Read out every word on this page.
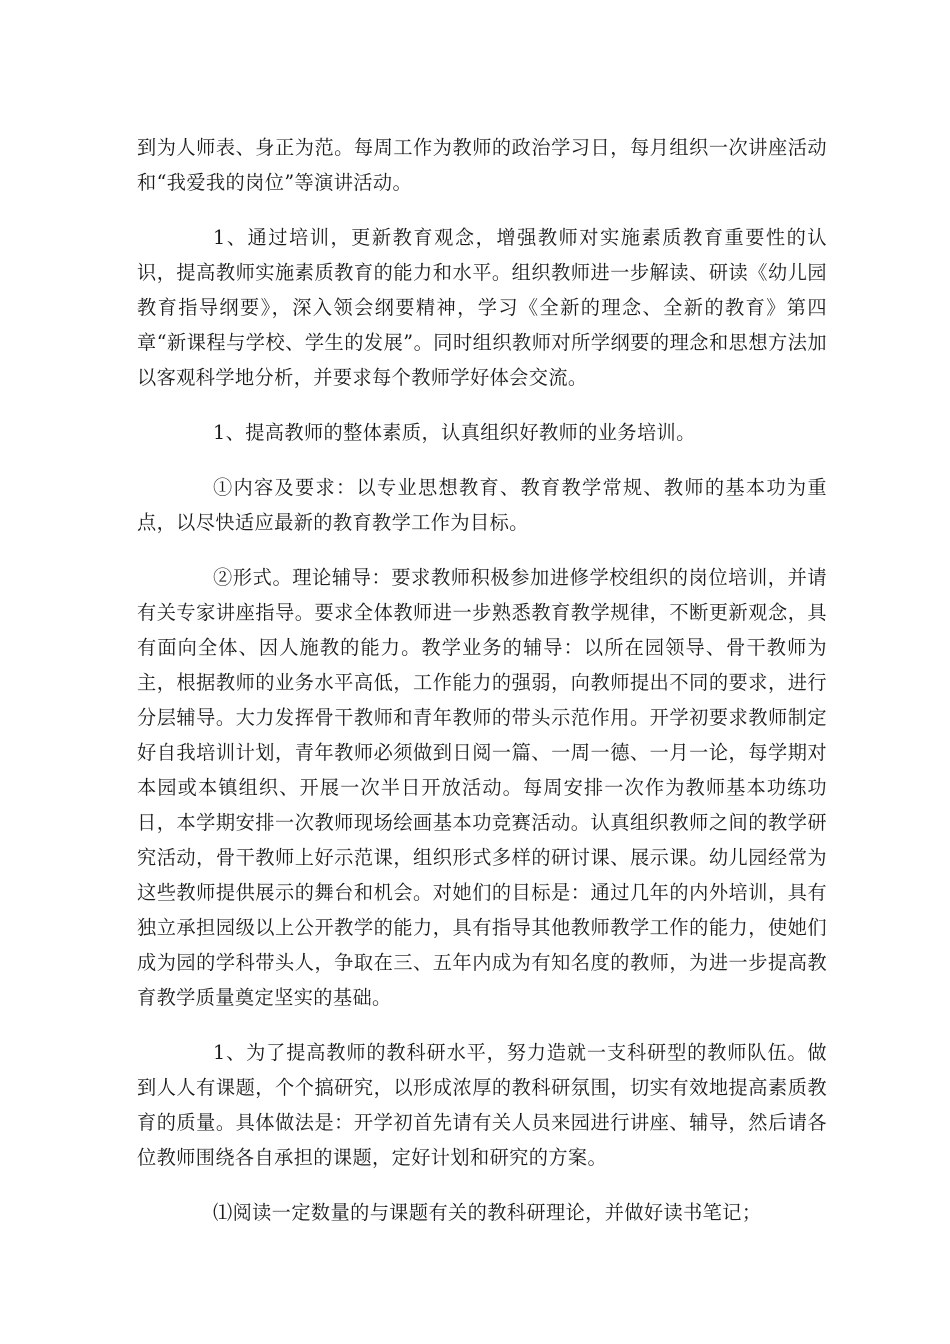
到为人师表、身正为范。每周工作为教师的政治学习日，每月组织一次讲座活动和“我爱我的岗位”等演讲活动。

1、通过培训，更新教育观念，增强教师对实施素质教育重要性的认识，提高教师实施素质教育的能力和水平。组织教师进一步解读、研读《幼儿园教育指导纲要》，深入领会纲要精神，学习《全新的理念、全新的教育》第四章“新课程与学校、学生的发展”。同时组织教师对所学纲要的理念和思想方法加以客观科学地分析，并要求每个教师学好体会交流。

1、提高教师的整体素质，认真组织好教师的业务培训。

①内容及要求：以专业思想教育、教育教学常规、教师的基本功为重点，以尽快适应最新的教育教学工作为目标。

②形式。理论辅导：要求教师积极参加进修学校组织的岗位培训，并请有关专家讲座指导。要求全体教师进一步熟悉教育教学规律，不断更新观念，具有面向全体、因人施教的能力。教学业务的辅导：以所在园领导、骨干教师为主，根据教师的业务水平高低，工作能力的强弱，向教师提出不同的要求，进行分层辅导。大力发挥骨干教师和青年教师的带头示范作用。开学初要求教师制定好自我培训计划，青年教师必须做到日阅一篇、一周一德、一月一论，每学期对本园或本镇组织、开展一次半日开放活动。每周安排一次作为教师基本功练功日，本学期安排一次教师现场绘画基本功竞赛活动。认真组织教师之间的教学研究活动，骨干教师上好示范课，组织形式多样的研讨课、展示课。幼儿园经常为这些教师提供展示的舞台和机会。对她们的目标是：通过几年的内外培训，具有独立承担园级以上公开教学的能力，具有指导其他教师教学工作的能力，使她们成为园的学科带头人，争取在三、五年内成为有知名度的教师，为进一步提高教育教学质量奠定坚实的基础。

1、为了提高教师的教科研水平，努力造就一支科研型的教师队伍。做到人人有课题，个个搞研究，以形成浓厚的教科研氛围，切实有效地提高素质教育的质量。具体做法是：开学初首先请有关人员来园进行讲座、辅导，然后请各位教师围绕各自承担的课题，定好计划和研究的方案。

⑴阅读一定数量的与课题有关的教科研理论，并做好读书笔记；
